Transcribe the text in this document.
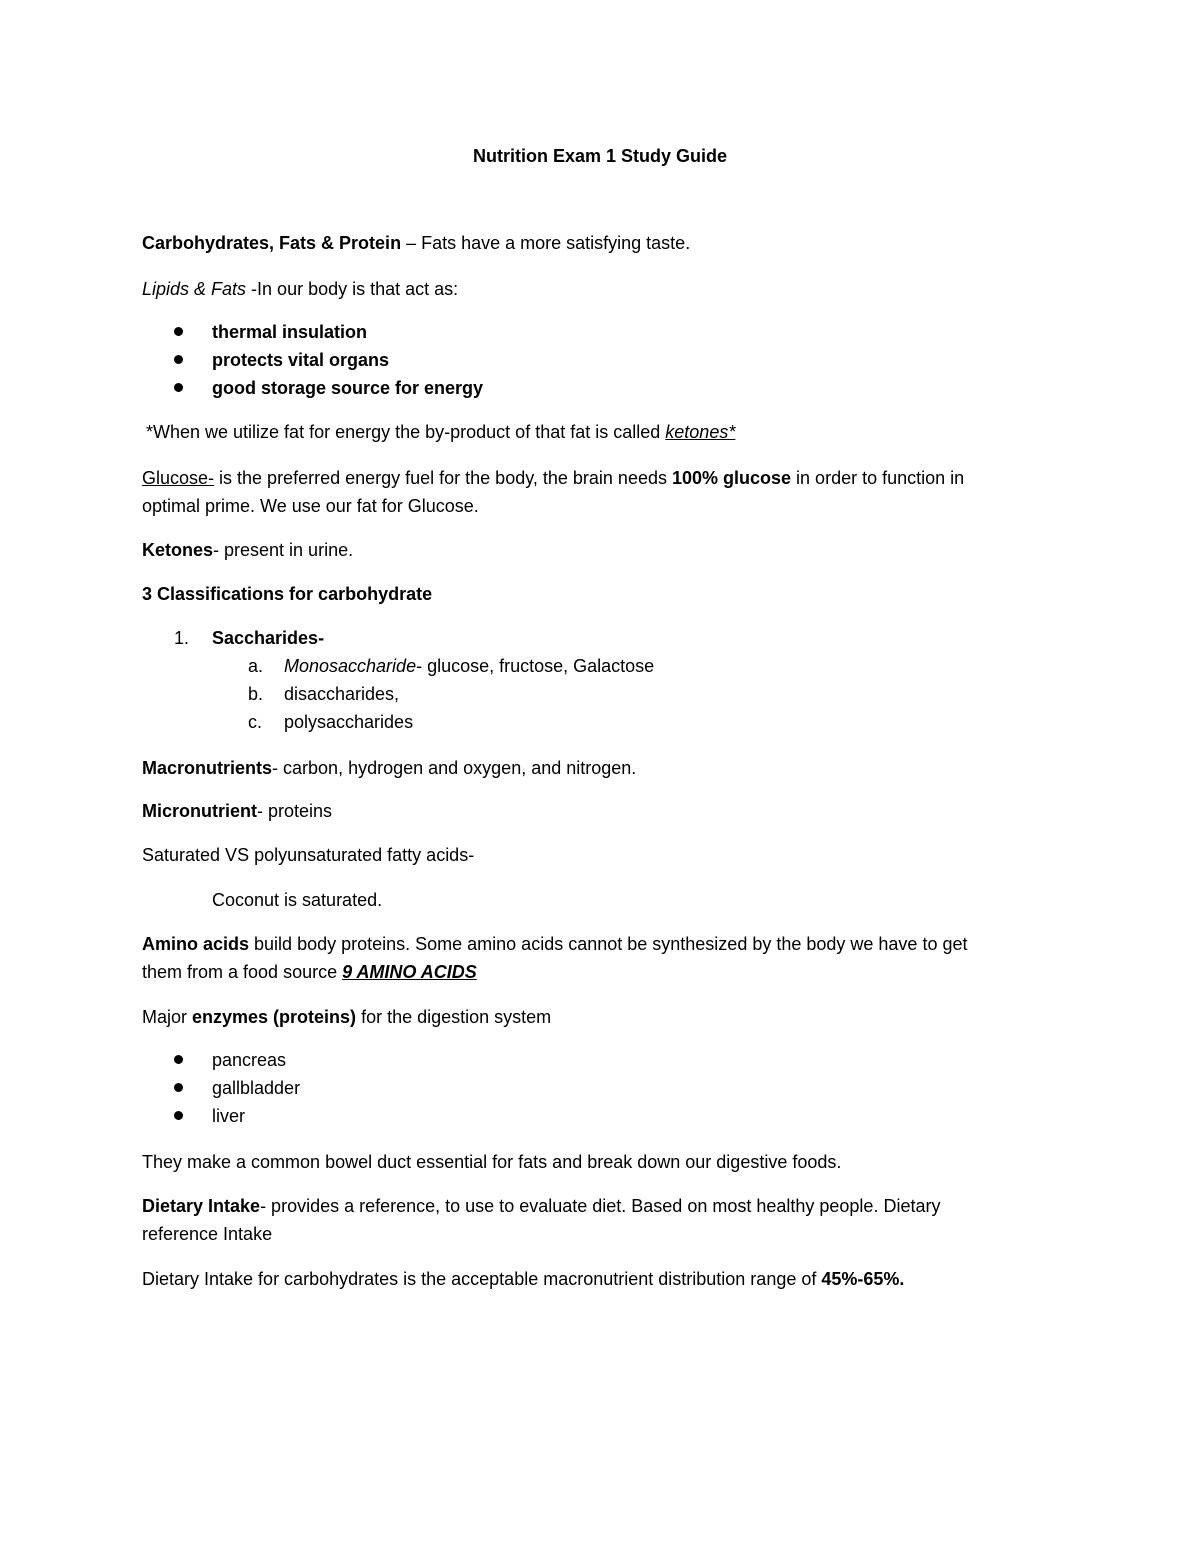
Nutrition Exam 1 Study Guide

Carbohydrates, Fats & Protein – Fats have a more satisfying taste.

Lipids & Fats -In our body is that act as:

thermal insulation
protects vital organs
good storage source for energy

*When we utilize fat for energy the by-product of that fat is called ketones*

Glucose- is the preferred energy fuel for the body, the brain needs 100% glucose in order to function in
optimal prime. We use our fat for Glucose.

Ketones- present in urine.

3 Classifications for carbohydrate

1. Saccharides-
a. Monosaccharide- glucose, fructose, Galactose
b. disaccharides,
c. polysaccharides

Macronutrients- carbon, hydrogen and oxygen, and nitrogen.

Micronutrient- proteins

Saturated VS polyunsaturated fatty acids-

Coconut is saturated.

Amino acids build body proteins. Some amino acids cannot be synthesized by the body we have to get
them from a food source 9 AMINO ACIDS

Major enzymes (proteins) for the digestion system

pancreas
gallbladder
liver

They make a common bowel duct essential for fats and break down our digestive foods.

Dietary Intake- provides a reference, to use to evaluate diet. Based on most healthy people. Dietary
reference Intake

Dietary Intake for carbohydrates is the acceptable macronutrient distribution range of 45%-65%.
